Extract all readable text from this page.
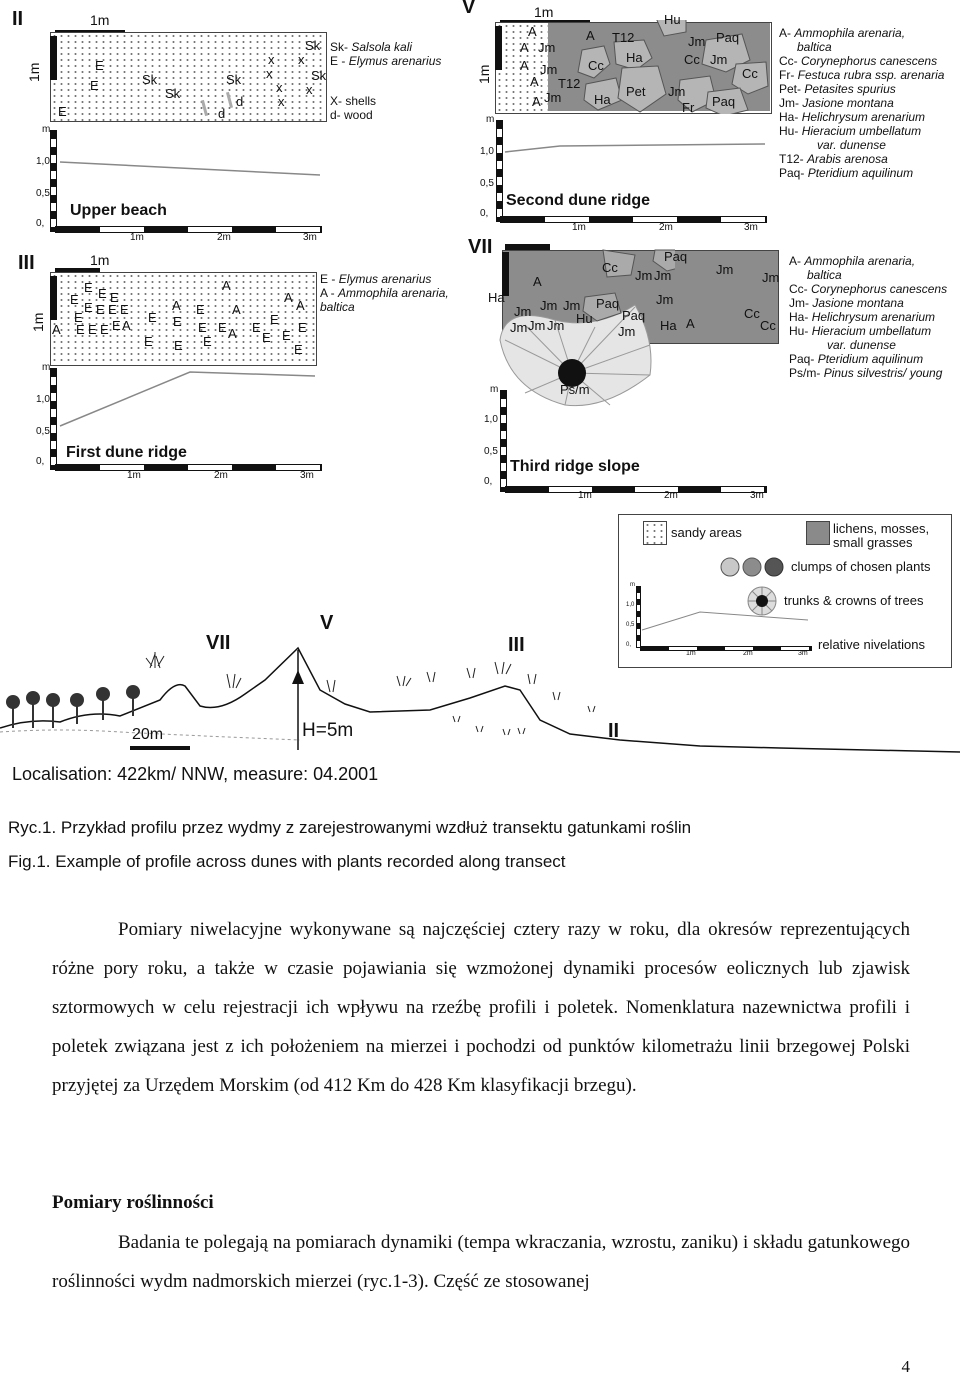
II	1m
1m	E
E
E
Sk
Sk
Sk
Sk
Sk
d
d
x
x
x
x
x
x
Sk- Salsola kali
E - Elymus arenarius
X- shells
d- wood
m
1,0
0,5
0,
Upper beach
1m	2m	3m
III	1m
1m
E
E E E
E E E E
E
A E E E E A
E
E
A
E
E
E
E
E
A
A
E A E
E
E
A
A
E
E
E
E - Elymus arenarius
A - Ammophila arenaria, baltica
m
1,0
0,5
0,
First dune ridge
1m	2m	3m
V	1m
1m
A
A Jm
A Jm
A T12
A Jm
A T12
Cc
Ha
Ha
Pet
Hu
Jm Paq
Cc Jm
Jm
Fr Paq
Cc
A- Ammophila arenaria,
baltica
Cc- Corynephorus canescens
Fr- Festuca rubra ssp. arenaria
Pet- Petasites spurius
Jm- Jasione montana
Ha- Helichrysum arenarium
Hu- Hieracium umbellatum
var. dunense
T12- Arabis arenosa
Paq- Pteridium aquilinum
m
1,0
0,5
0,
Second dune ridge
1m	2m	3m
VII
Ha
A
Jm Jm Jm
Jm Jm Jm Hu
Paq
Paq
Jm
Cc
Jm Jm
Paq
Jm
Ha A
Jm
Cc
Cc
Jm
Ps/m
A- Ammophila arenaria,
baltica
Cc- Corynephorus canescens
Jm- Jasione montana
Ha- Helichrysum arenarium
Hu- Hieracium umbellatum
var. dunense
Paq- Pteridium aquilinum
Ps/m- Pinus silvestris/ young
m
1,0
0,5
0,
Third ridge slope
1m	2m	3m
sandy areas	lichens, mosses, small grasses
clumps of chosen plants
trunks & crowns of trees
m
1,0
0,5
0,
1m	2m	3m
relative nivelations
VII
V
III
II
20m	H=5m
Localisation: 422km/ NNW, measure: 04.2001
Ryc.1. Przykład profilu przez wydmy z zarejestrowanymi wzdłuż transektu gatunkami roślin
Fig.1. Example of profile across dunes with plants recorded along transect
Pomiary niwelacyjne wykonywane są najczęściej cztery razy w roku, dla okresów reprezentujących różne pory roku, a także w czasie pojawiania się wzmożonej dynamiki procesów eolicznych lub zjawisk sztormowych w celu rejestracji ich wpływu na rzeźbę profili i poletek. Nomenklatura nazewnictwa profili i poletek związana jest z ich położeniem na mierzei i pochodzi od punktów kilometrażu linii brzegowej Polski przyjętej za Urzędem Morskim (od 412 Km do 428 Km klasyfikacji brzegu).
Pomiary roślinności
Badania te polegają na pomiarach dynamiki (tempa wkraczania, wzrostu, zaniku) i składu gatunkowego roślinności wydm nadmorskich mierzei (ryc.1-3). Część ze stosowanej
4
